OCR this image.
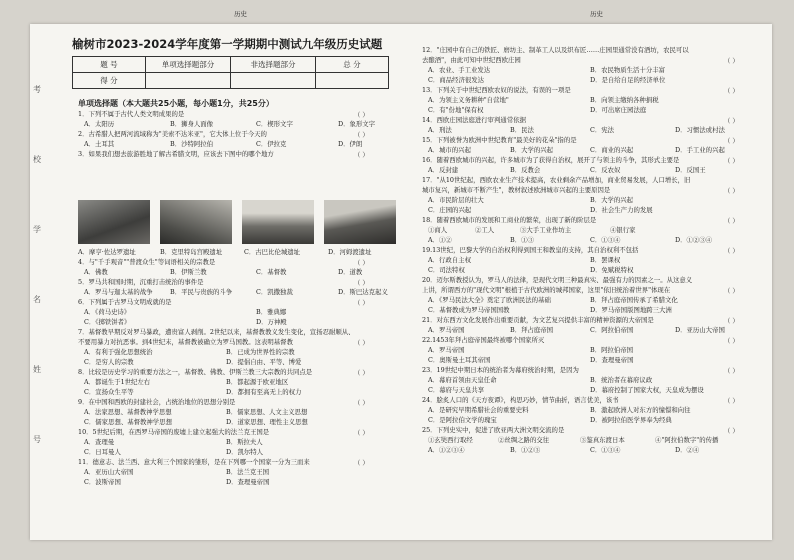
考
校
学
名
姓
号
榆树市2023-2024学年度第一学期期中测试九年级历史试题
题 号	单项选择题部分	非选择题部分	总 分
得 分			
单项选择题（本大题共25小题，每小题1分，共25分）
1．下列不属于古代人类文明成果的是
A．太阳历	B．狮身人面像	C．楔形文字	D．象形文字
2．古希腊人把两河流域称为"美索不达米亚"，它大体上位于今天的
A．土耳其	B．沙特阿拉伯	C．伊拉克	D．伊朗
3．如果我们想去旅游胜地了解古希腊文明，应该去下图中的哪个地方
A．摩亨·佐达罗遗址	B．克里特岛宫殿遗址	C．古巴比伦城遗址	D．河姆渡遗址
4．与"千手观音""普渡众生"等词语相关的宗教是
A．佛教	B．伊斯兰教	C．基督教	D．道教
5．罗马共和国时期，沉重打击统治的事件是
A．罗马与迦太基的战争	B．平民与贵族的斗争	C．凯撒独裁	D．斯巴达克起义
6．下列属于古罗马文明成就的是
A．《荷马史诗》	B．雅典娜
C．《掷铁饼者》	D．万神殿
7．基督教早期反对罗马暴政，遭贵富人剥削。2世纪以来，基督教教义发生变化，宣扬忍耐顺从、
不要用暴力对抗恶事。到4世纪末，基督教被确立为罗马国教。这表明基督教
A．有利于强化思想统治	B．已成为世界性的宗教
C．是穷人的宗教	D．提倡自由、平等、博爱
8．比较是历史学习的重要方法之一，基督教、佛教、伊斯兰教三大宗教的共同点是
A．都诞生于1世纪左右	B．都起源于欧亚地区
C．宣扬众生平等	D．都拥有至高无上的权力
9．在中国和西欧的封建社会，占统治地位的思想分别是
A．法家思想、基督教神学思想	B．儒家思想、人文主义思想
C．儒家思想、基督教神学思想	D．道家思想、理性主义思想
10．5世纪后期，在西罗马帝国的废墟上建立起强大的法兰克王国是
A．查理曼	B．斯拉夫人
C．日耳曼人	D．凯尔特人
11．德意志、法兰西、意大利三个国家的雏形，是在下列哪一个国家一分为三而来
A．亚历山大帝国	B．法兰克王国
C．波斯帝国	D．查理曼帝国
（ ）
（ ）
（ ）
（ ）
（ ）
（ ）
（ ）
（ ）
（ ）
（ ）
（ ）
历史
12．"庄园中有自己的铁匠、磨坊主、制革工人以及织布匠……庄园里通常没有酒坊，农民可以
去酿酒"，由此可知中世纪西欧庄园
A．农业、手工业发达	B．农民物质生活十分丰富
C．商品经济很发达	D．是自给自足的经济单位
13．下列关于中世纪西欧农奴的说法，有误的一项是
A．为领主义务耕种"自营地"	B．向领主缴纳各种捐税
C．有"份地"保有权	D．可出席庄园法庭
14．西欧庄园法庭进行审判通常依据
A．刑法	B．民法	C．宪法	D．习惯法或村法
15．下列被誉为欧洲中世纪教育"最美好的花朵"指的是
A．城市的兴起	B．大学的兴起	C．商业的兴起	D．手工业的兴起
16．随着西欧城市的兴起，许多城市为了获得自治权，展开了与领主的斗争，其形式主要是
A．反封建	B．反教会	C．反农奴	D．反国王
17．"从10世纪起，西欧农业生产技术提高，农业剩余产品增加，商业贸易发展，人口增长，旧
城市复兴，新城市不断产生"，教材叙述欧洲城市兴起的主要原因是
A．市民阶层的壮大	B．大学的兴起
C．庄园的兴起	D．社会生产力的发展
18．随着西欧城市的发展和工商业的繁荣，出现了新的阶层是
①商人	②工人	③大手工业作坊主	④银行家
A．①②	B．①③	C．①③④	D．①②③④
19.13世纪，巴黎大学的自治权利得到国王和教皇的支持，其自治权利不包括
A．行政自主权	B．罢课权
C．司法特权	D．免赋税特权
20．迈尔斯教授认为，罗马人的法律，是现代文明三种最真实、最强有力的因素之一。从这意义
上讲，所谓西方的"现代文明"根植于古代欧洲的城邦国家，这里"依旧统治着世界"体现在
A．《罗马民法大全》奠定了欧洲民法的基础	B．拜占庭帝国传承了希腊文化
C．基督教成为罗马帝国国教	D．罗马帝国版图地跨三大洲
21．对东西方文化发展作出重要贡献，为文艺复兴提供丰富的精神资源的大帝国是
A．罗马帝国	B．拜占庭帝国	C．阿拉伯帝国	D．亚历山大帝国
22.1453年拜占庭帝国最终被哪个国家所灭
A．罗马帝国	B．阿拉伯帝国
C．奥斯曼土耳其帝国	D．查理曼帝国
23．19世纪中期日本的统治者为幕府统治时期，是因为
A．幕府首领由天皇任命	B．统治者在幕府议政
C．幕府与天皇共享	D．幕府控制了国家大权，天皇成为摆设
24．脍炙人口的《天方夜谭》，构思巧妙，情节曲折，语言优美，该书
A．是研究早期希腊社会的重要史料	B．激起欧洲人对东方的憧憬和向往
C．是阿拉伯文学的瑰宝	D．被阿拉伯医学界奉为经典
25．下列史实中，促进了欧亚两大洲文明交流的是
①玄奘西行取经	②丝绸之路的交往	③鉴真东渡日本	④"阿拉伯数字"的传播
A．①②③④	B．①②③	C．①③④	D．②④
（ ）
（ ）
（ ）
（ ）
（ ）
（ ）
（ ）
（ ）
（ ）
（ ）
（ ）
（ ）
（ ）
（ ）
历史
